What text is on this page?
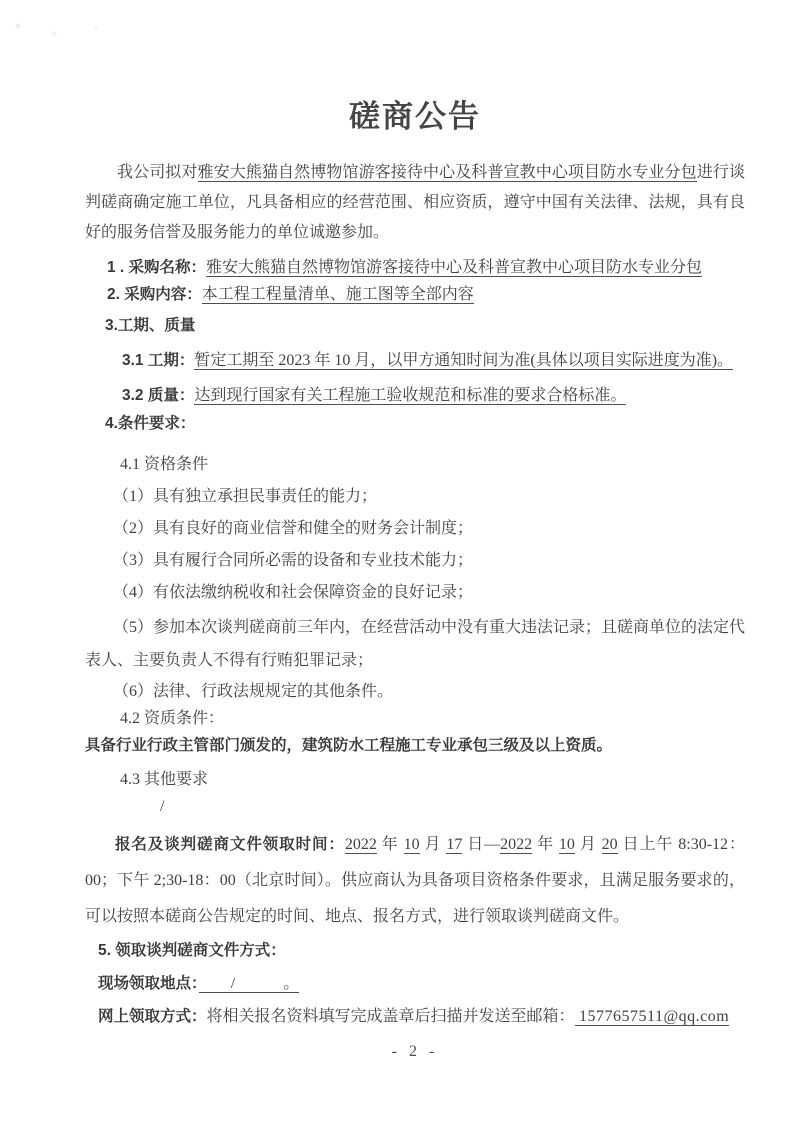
磋商公告

我公司拟对雅安大熊猫自然博物馆游客接待中心及科普宣教中心项目防水专业分包进行谈判磋商确定施工单位，凡具备相应的经营范围、相应资质，遵守中国有关法律、法规，具有良好的服务信誉及服务能力的单位诚邀参加。

1 . 采购名称：雅安大熊猫自然博物馆游客接待中心及科普宣教中心项目防水专业分包

2. 采购内容：本工程工程量清单、施工图等全部内容

3.工期、质量

3.1 工期：暂定工期至 2023 年 10 月，以甲方通知时间为准(具体以项目实际进度为准)。

3.2 质量：达到现行国家有关工程施工验收规范和标准的要求合格标准。

4.条件要求：

4.1 资格条件

（1）具有独立承担民事责任的能力；

（2）具有良好的商业信誉和健全的财务会计制度；

（3）具有履行合同所必需的设备和专业技术能力；

（4）有依法缴纳税收和社会保障资金的良好记录；

（5）参加本次谈判磋商前三年内，在经营活动中没有重大违法记录；且磋商单位的法定代表人、主要负责人不得有行贿犯罪记录；

（6）法律、行政法规规定的其他条件。

4.2 资质条件：

具备行业行政主管部门颁发的，建筑防水工程施工专业承包三级及以上资质。

4.3 其他要求

/

报名及谈判磋商文件领取时间：2022 年 10 月 17 日—2022 年 10 月 20 日上午 8:30-12：00；下午 2;30-18：00（北京时间）。供应商认为具备项目资格条件要求，且满足服务要求的，可以按照本磋商公告规定的时间、地点、报名方式，进行领取谈判磋商文件。

5. 领取谈判磋商文件方式：

现场领取地点：　　/　　　。

网上领取方式：将相关报名资料填写完成盖章后扫描并发送至邮箱： 1577657511@qq.com

- 2 -
